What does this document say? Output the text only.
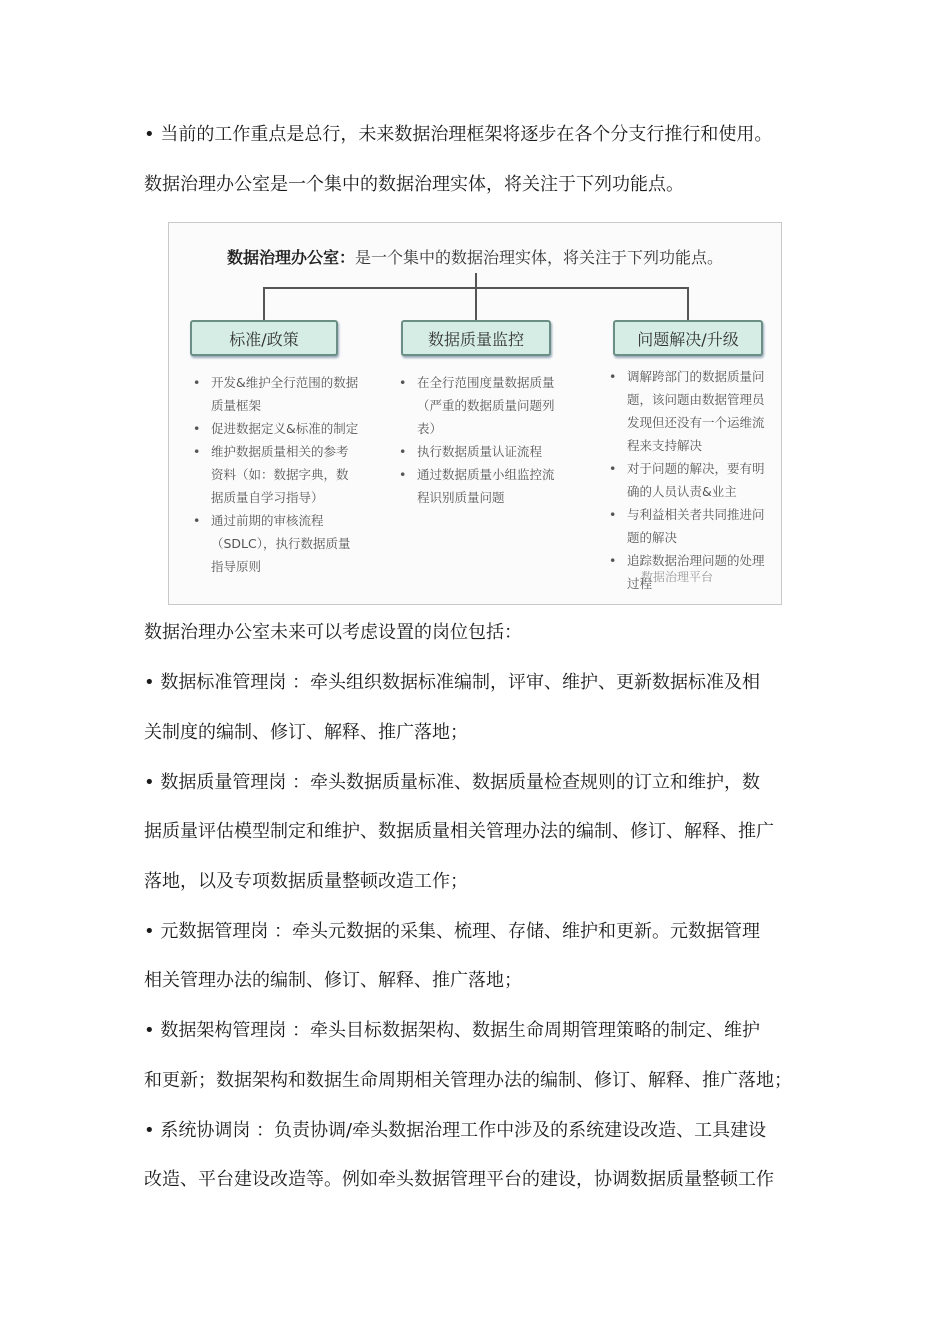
• 当前的工作重点是总行，未来数据治理框架将逐步在各个分支行推行和使用。
数据治理办公室是一个集中的数据治理实体，将关注于下列功能点。
数据治理办公室：是一个集中的数据治理实体，将关注于下列功能点。
标准/政策	数据质量监控	问题解决/升级
• 开发&维护全行范围的数据质量框架
• 促进数据定义&标准的制定
• 维护数据质量相关的参考资料（如：数据字典，数据质量自学习指导）
• 通过前期的审核流程（SDLC），执行数据质量指导原则
• 在全行范围度量数据质量（严重的数据质量问题列表）
• 执行数据质量认证流程
• 通过数据质量小组监控流程识别质量问题
• 调解跨部门的数据质量问题，该问题由数据管理员发现但还没有一个运维流程来支持解决
• 对于问题的解决，要有明确的人员认责&业主
• 与利益相关者共同推进问题的解决
• 追踪数据治理问题的处理过程
数据治理平台
数据治理办公室未来可以考虑设置的岗位包括：
• 数据标准管理岗 ：牵头组织数据标准编制，评审、维护、更新数据标准及相
关制度的编制、修订、解释、推广落地；
• 数据质量管理岗 ：牵头数据质量标准、数据质量检查规则的订立和维护，数
据质量评估模型制定和维护、数据质量相关管理办法的编制、修订、解释、推广
落地，以及专项数据质量整顿改造工作；
• 元数据管理岗 ：牵头元数据的采集、梳理、存储、维护和更新。元数据管理
相关管理办法的编制、修订、解释、推广落地；
• 数据架构管理岗 ：牵头目标数据架构、数据生命周期管理策略的制定、维护
和更新；数据架构和数据生命周期相关管理办法的编制、修订、解释、推广落地；
• 系统协调岗 ：负责协调/牵头数据治理工作中涉及的系统建设改造、工具建设
改造、平台建设改造等。例如牵头数据管理平台的建设，协调数据质量整顿工作
